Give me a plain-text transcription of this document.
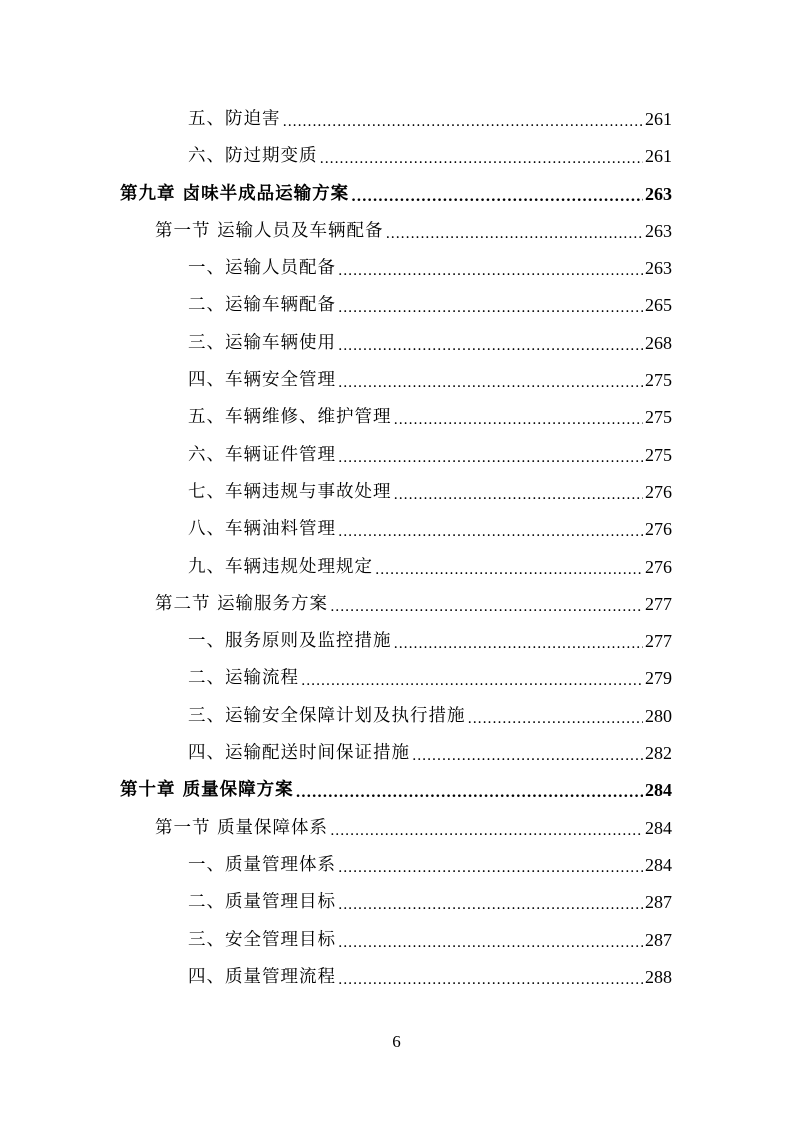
五、防迫害 .....	261
六、防过期变质 .....	261
第九章 卤味半成品运输方案 .....	263
第一节 运输人员及车辆配备 .....	263
一、运输人员配备 .....	263
二、运输车辆配备 .....	265
三、运输车辆使用 .....	268
四、车辆安全管理 .....	275
五、车辆维修、维护管理 .....	275
六、车辆证件管理 .....	275
七、车辆违规与事故处理 .....	276
八、车辆油料管理 .....	276
九、车辆违规处理规定 .....	276
第二节 运输服务方案 .....	277
一、服务原则及监控措施 .....	277
二、运输流程 .....	279
三、运输安全保障计划及执行措施 .....	280
四、运输配送时间保证措施 .....	282
第十章 质量保障方案 .....	284
第一节 质量保障体系 .....	284
一、质量管理体系 .....	284
二、质量管理目标 .....	287
三、安全管理目标 .....	287
四、质量管理流程 .....	288
6
